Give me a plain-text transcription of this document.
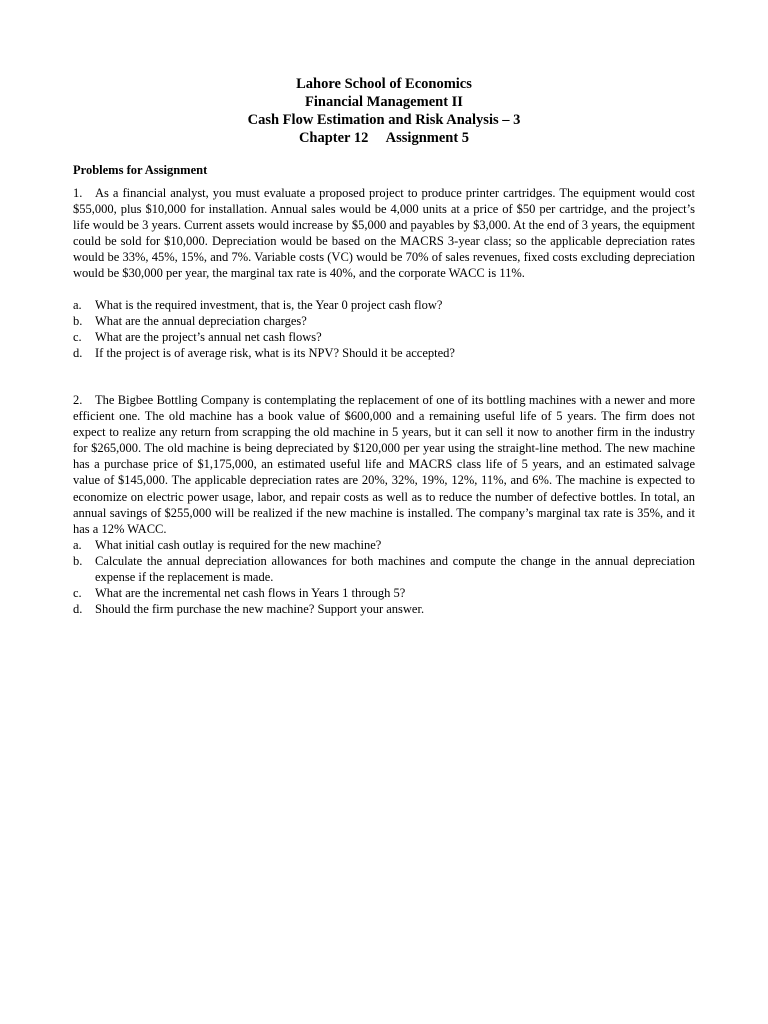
Lahore School of Economics
Financial Management II
Cash Flow Estimation and Risk Analysis – 3
Chapter 12     Assignment 5
Problems for Assignment
1. As a financial analyst, you must evaluate a proposed project to produce printer cartridges. The equipment would cost $55,000, plus $10,000 for installation. Annual sales would be 4,000 units at a price of $50 per cartridge, and the project’s life would be 3 years. Current assets would increase by $5,000 and payables by $3,000. At the end of 3 years, the equipment could be sold for $10,000. Depreciation would be based on the MACRS 3-year class; so the applicable depreciation rates would be 33%, 45%, 15%, and 7%. Variable costs (VC) would be 70% of sales revenues, fixed costs excluding depreciation would be $30,000 per year, the marginal tax rate is 40%, and the corporate WACC is 11%.
a.	What is the required investment, that is, the Year 0 project cash flow?
b.	What are the annual depreciation charges?
c.	What are the project’s annual net cash flows?
d.	If the project is of average risk, what is its NPV? Should it be accepted?
2. The Bigbee Bottling Company is contemplating the replacement of one of its bottling machines with a newer and more efficient one. The old machine has a book value of $600,000 and a remaining useful life of 5 years. The firm does not expect to realize any return from scrapping the old machine in 5 years, but it can sell it now to another firm in the industry for $265,000. The old machine is being depreciated by $120,000 per year using the straight-line method. The new machine has a purchase price of $1,175,000, an estimated useful life and MACRS class life of 5 years, and an estimated salvage value of $145,000. The applicable depreciation rates are 20%, 32%, 19%, 12%, 11%, and 6%. The machine is expected to economize on electric power usage, labor, and repair costs as well as to reduce the number of defective bottles. In total, an annual savings of $255,000 will be realized if the new machine is installed. The company’s marginal tax rate is 35%, and it has a 12% WACC.
a.	What initial cash outlay is required for the new machine?
b.	Calculate the annual depreciation allowances for both machines and compute the change in the annual depreciation expense if the replacement is made.
c.	What are the incremental net cash flows in Years 1 through 5?
d.	Should the firm purchase the new machine? Support your answer.
